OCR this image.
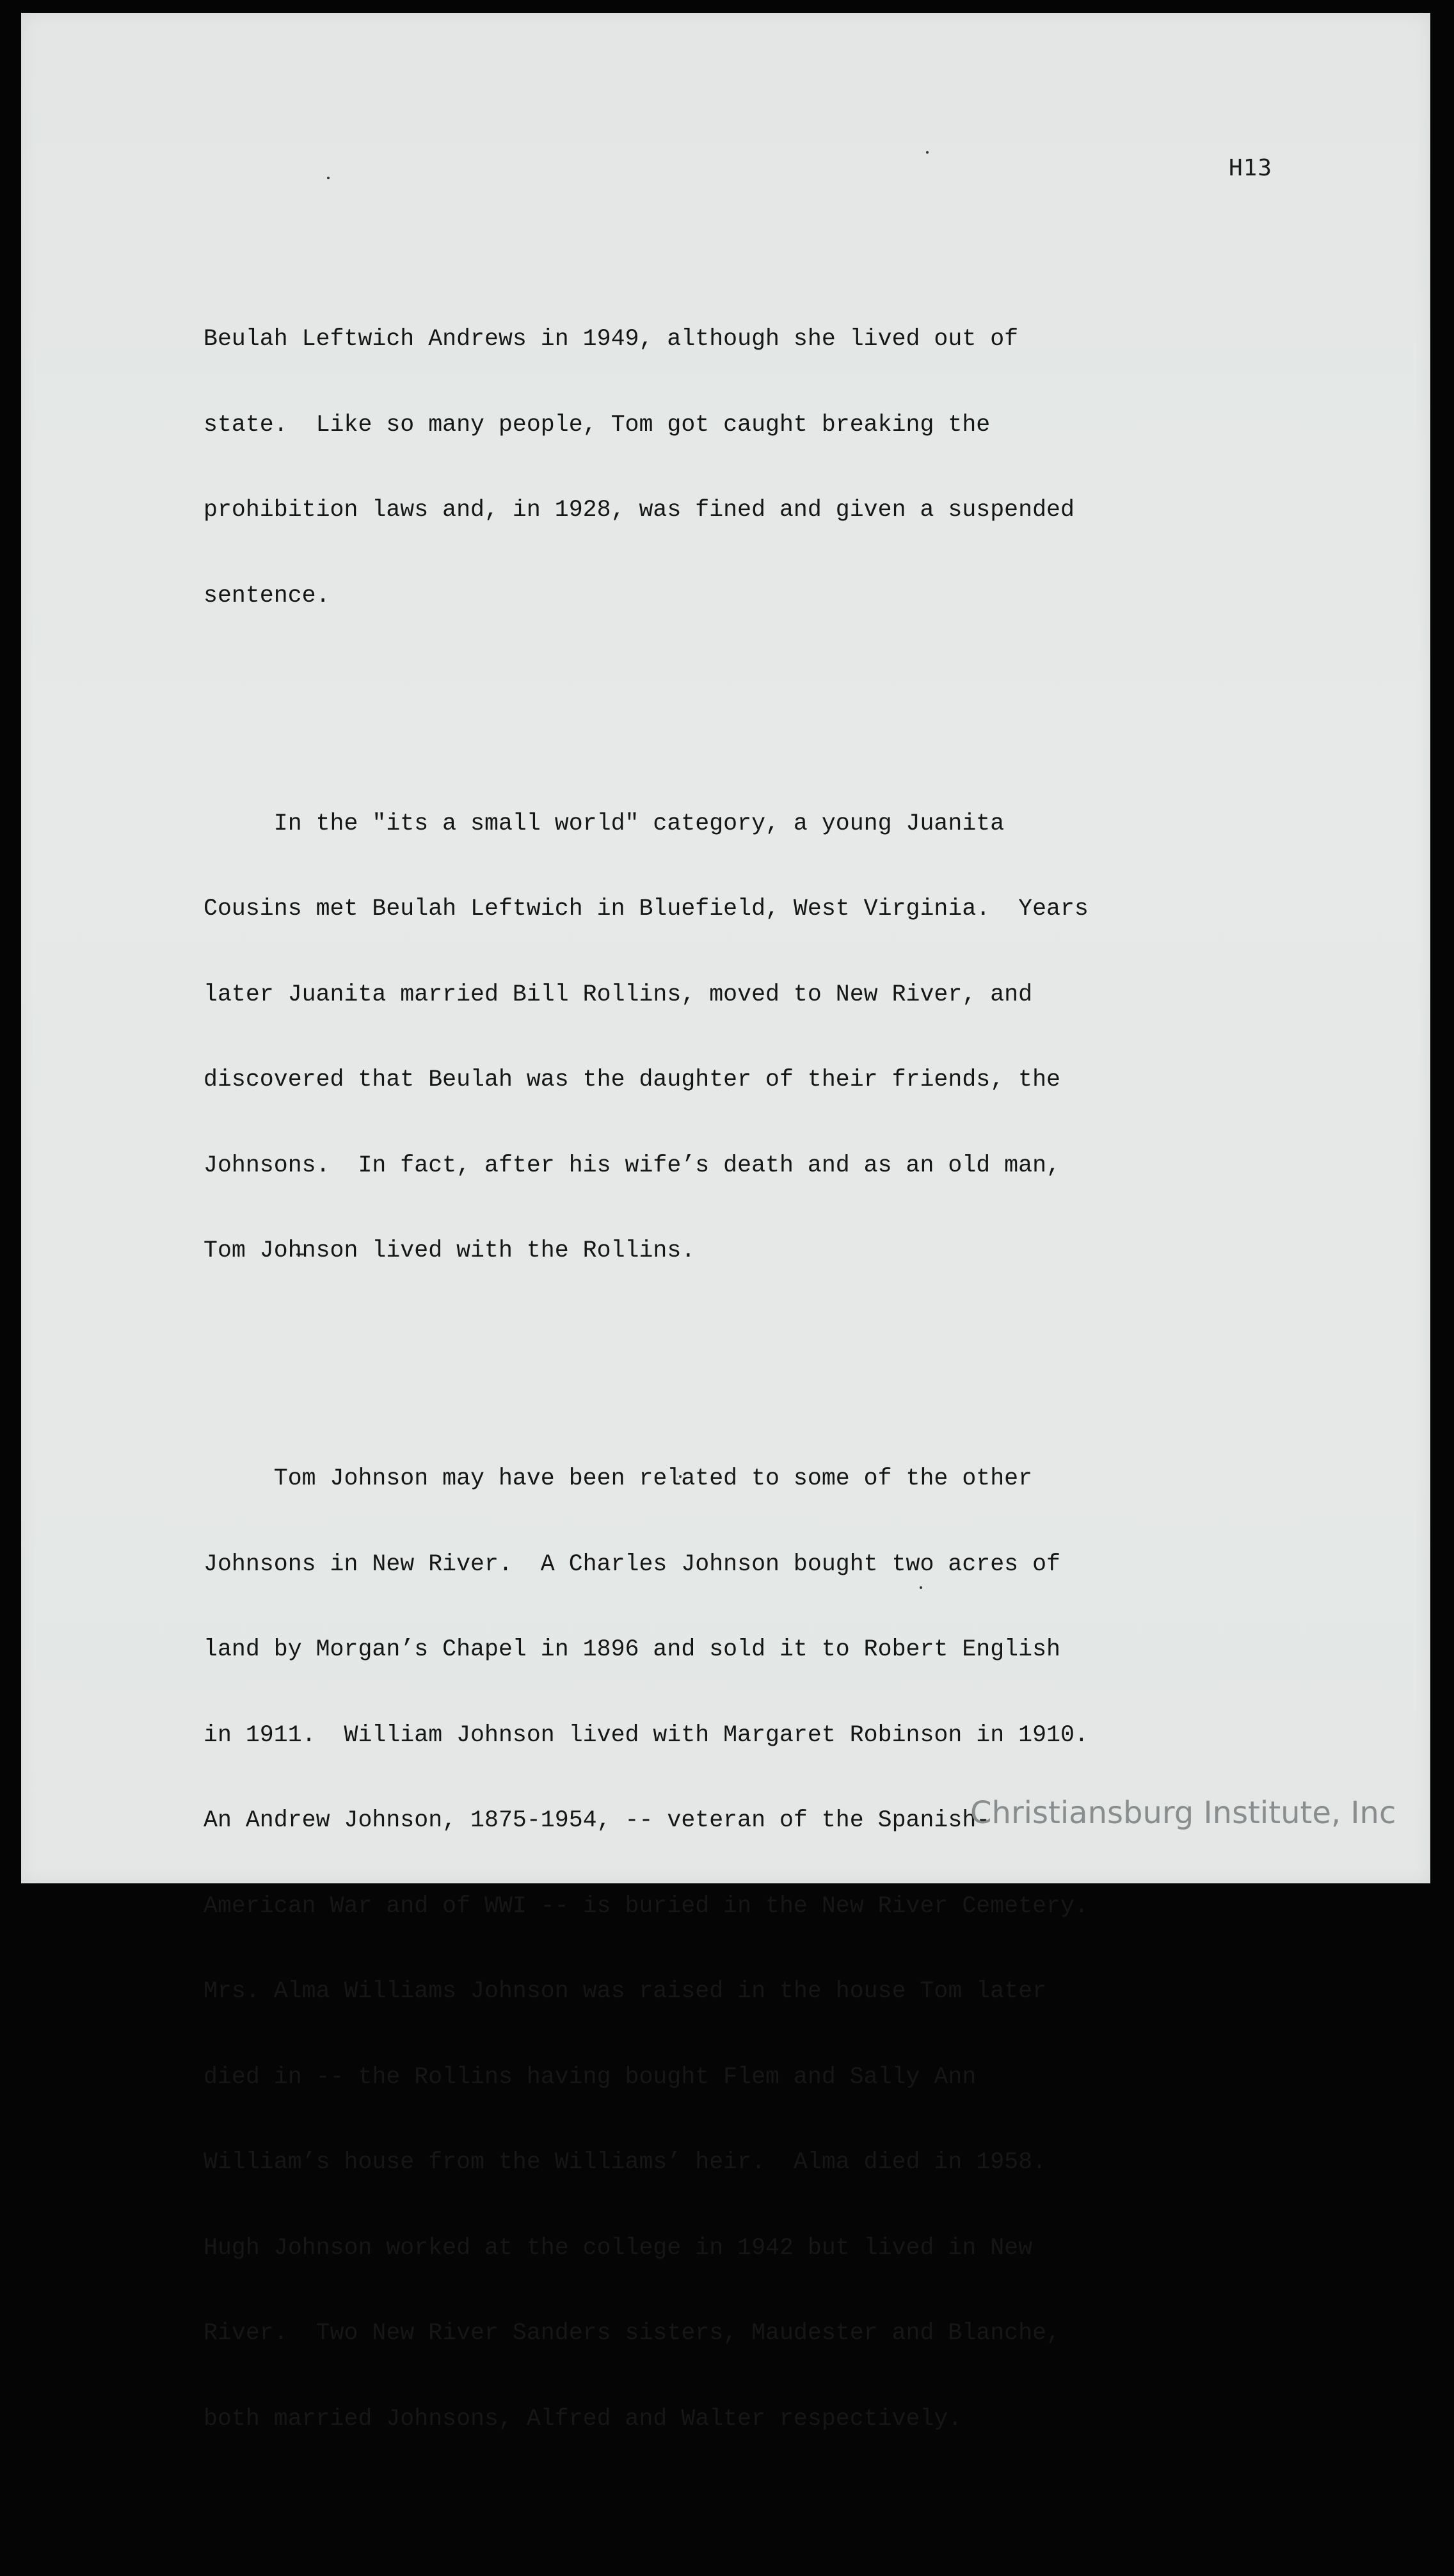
H13

Beulah Leftwich Andrews in 1949, although she lived out of

state.  Like so many people, Tom got caught breaking the

prohibition laws and, in 1928, was fined and given a suspended

sentence.

In the "its a small world" category, a young Juanita

Cousins met Beulah Leftwich in Bluefield, West Virginia.  Years

later Juanita married Bill Rollins, moved to New River, and

discovered that Beulah was the daughter of their friends, the

Johnsons.  In fact, after his wife’s death and as an old man,

Tom Johnson lived with the Rollins.

Tom Johnson may have been related to some of the other

Johnsons in New River.  A Charles Johnson bought two acres of

land by Morgan’s Chapel in 1896 and sold it to Robert English

in 1911.  William Johnson lived with Margaret Robinson in 1910.

An Andrew Johnson, 1875-1954, -- veteran of the Spanish-

American War and of WWI -- is buried in the New River Cemetery.

Mrs. Alma Williams Johnson was raised in the house Tom later

died in -- the Rollins having bought Flem and Sally Ann

William’s house from the Williams’ heir.  Alma died in 1958.

Hugh Johnson worked at the college in 1942 but lived in New

River.  Two New River Sanders sisters, Maudester and Blanche,

both married Johnsons, Alfred and Walter respectively.

Christiansburg Institute, Inc
